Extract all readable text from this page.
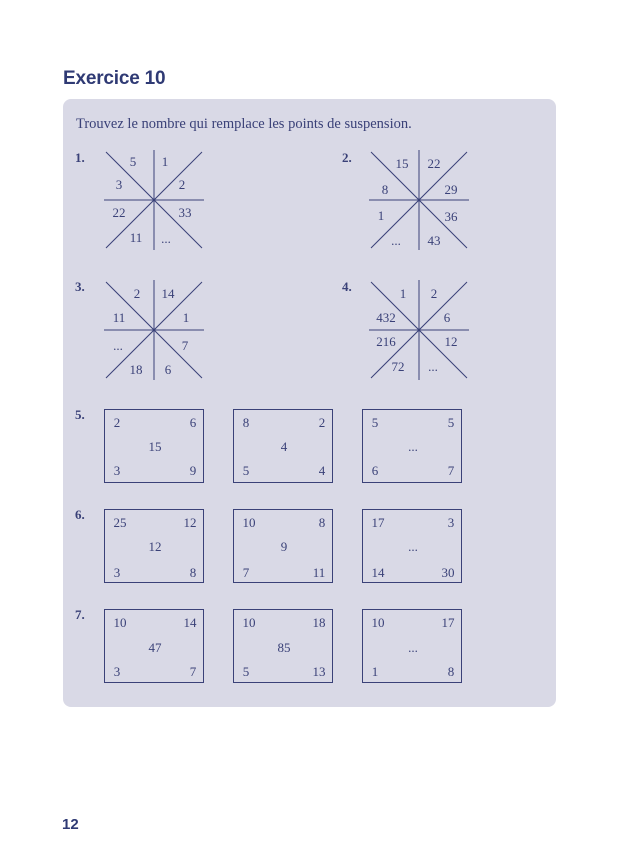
Exercice 10
Trouvez le nombre qui remplace les points de suspension.
1.	5 1
2
33
...
11
22
3
2.	15 22
29
36
43
...
1
8
3.	2 14
1
7
6
18
...
11
4.	1 2
6
12
...
72
216
432
5.
2	6
15
3	9
8	2
4
5	4
5	5
...
6	7
6.
25	12
12
3	8
10	8
9
7	11
17	3
...
14	30
7.
10	14
47
3	7
10	18
85
5	13
10	17
...
1	8
12
